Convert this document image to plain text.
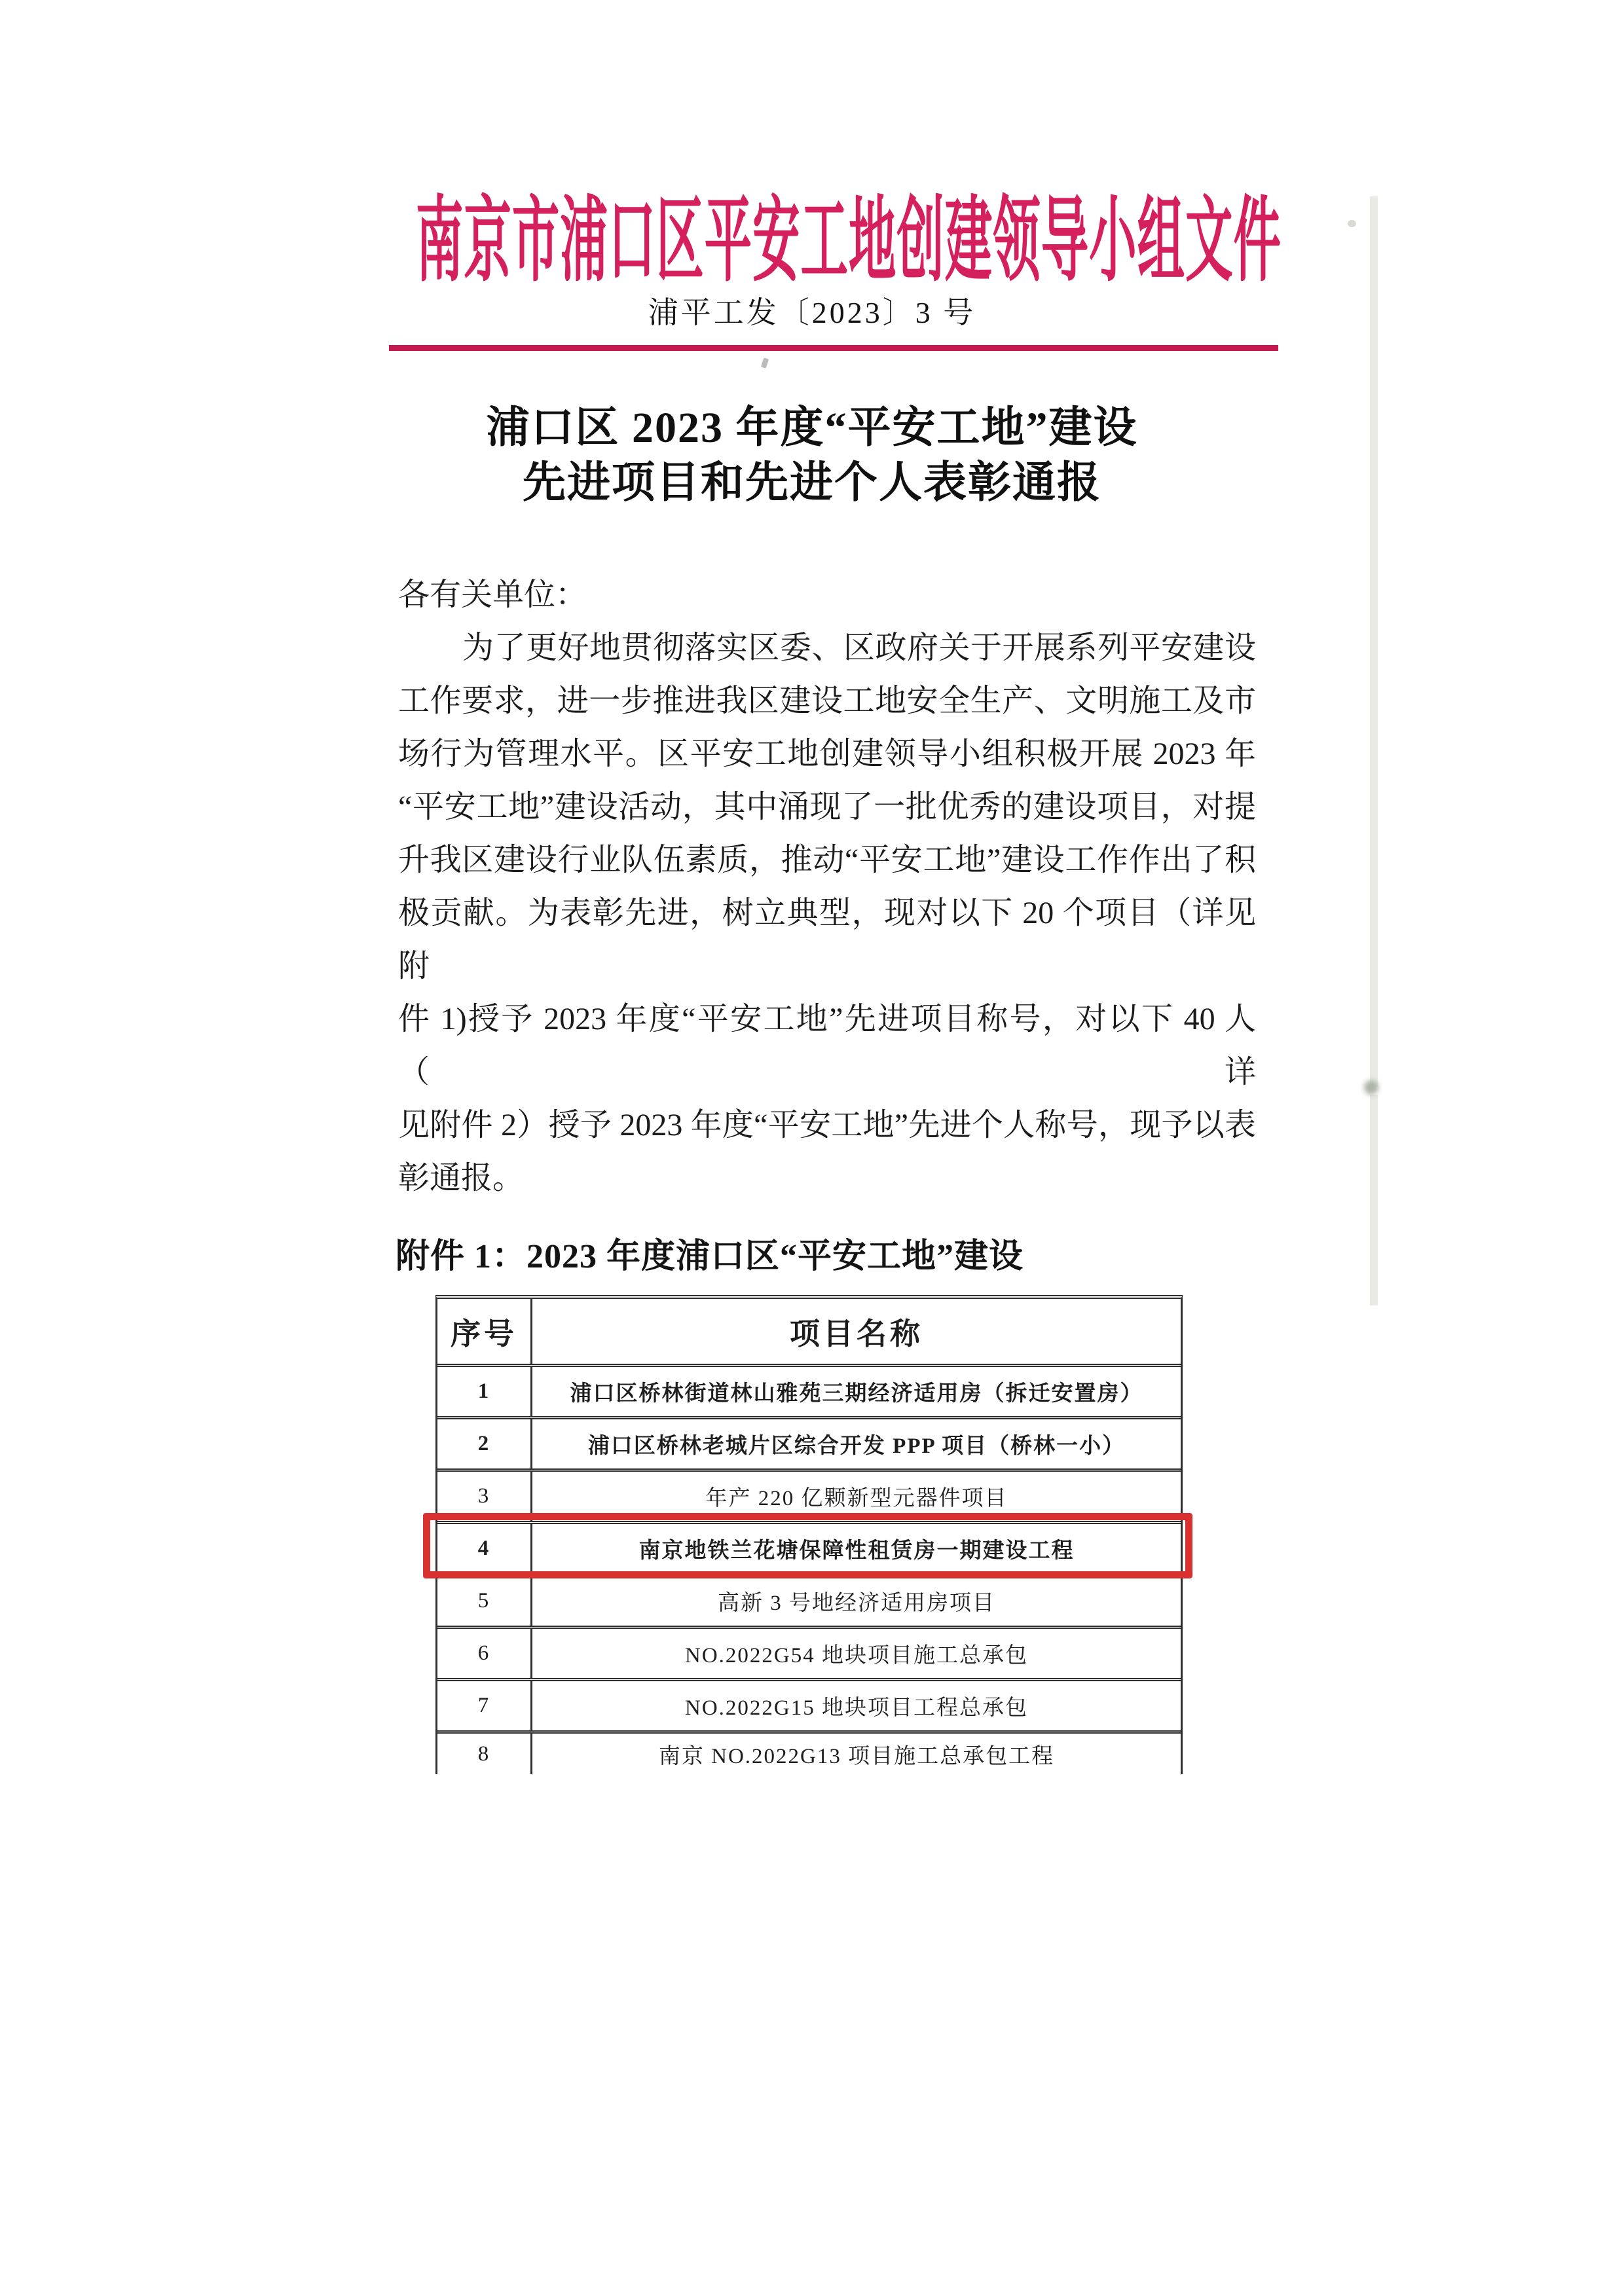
南京市浦口区平安工地创建领导小组文件
浦平工发〔2023〕3 号
浦口区 2023 年度“平安工地”建设
先进项目和先进个人表彰通报
各有关单位：
为了更好地贯彻落实区委、区政府关于开展系列平安建设
工作要求，进一步推进我区建设工地安全生产、文明施工及市
场行为管理水平。区平安工地创建领导小组积极开展 2023 年
“平安工地”建设活动，其中涌现了一批优秀的建设项目，对提
升我区建设行业队伍素质，推动“平安工地”建设工作作出了积
极贡献。为表彰先进，树立典型，现对以下 20 个项目（详见附
件 1)授予 2023 年度“平安工地”先进项目称号，对以下 40 人（详
见附件 2）授予 2023 年度“平安工地”先进个人称号，现予以表
彰通报。
附件 1：2023 年度浦口区“平安工地”建设
序号	项目名称
1	浦口区桥林街道林山雅苑三期经济适用房（拆迁安置房）
2	浦口区桥林老城片区综合开发 PPP 项目（桥林一小）
3	年产 220 亿颗新型元器件项目
4	南京地铁兰花塘保障性租赁房一期建设工程
5	高新 3 号地经济适用房项目
6	NO.2022G54 地块项目施工总承包
7	NO.2022G15 地块项目工程总承包
8	南京 NO.2022G13 项目施工总承包工程
